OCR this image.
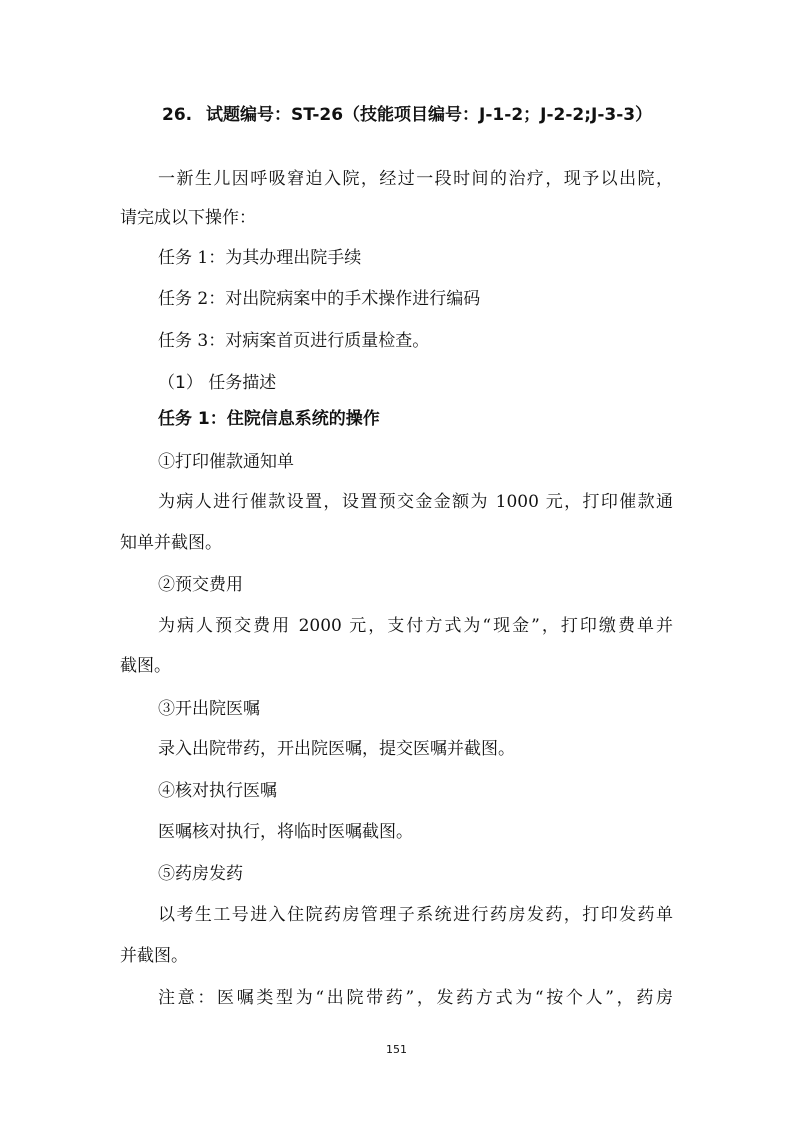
26. 试题编号：ST-26（技能项目编号：J-1-2；J-2-2;J-3-3）
一新生儿因呼吸窘迫入院，经过一段时间的治疗，现予以出院，
请完成以下操作：
任务 1：为其办理出院手续
任务 2：对出院病案中的手术操作进行编码
任务 3：对病案首页进行质量检查。
（1） 任务描述
任务 1：住院信息系统的操作
①打印催款通知单
为病人进行催款设置，设置预交金金额为 1000 元，打印催款通
知单并截图。
②预交费用
为病人预交费用 2000 元，支付方式为“现金”，打印缴费单并
截图。
③开出院医嘱
录入出院带药，开出院医嘱，提交医嘱并截图。
④核对执行医嘱
医嘱核对执行，将临时医嘱截图。
⑤药房发药
以考生工号进入住院药房管理子系统进行药房发药，打印发药单
并截图。
注意：医嘱类型为“出院带药”，发药方式为“按个人”，药房
151
